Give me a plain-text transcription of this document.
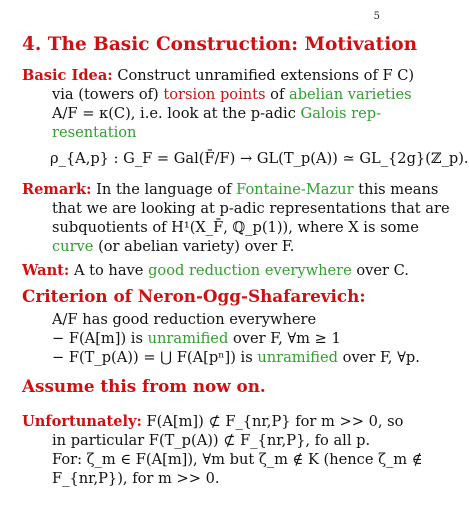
5
4. The Basic Construction: Motivation
Basic Idea: Construct unramified extensions of F C)
via (towers of) torsion points of abelian varieties
A/F = κ(C), i.e. look at the p-adic Galois rep-
resentation
ρ_{A,p} : G_F = Gal(F̄/F) → GL(T_p(A)) ≃ GL_{2g}(ℤ_p).
Remark: In the language of Fontaine-Mazur this means
that we are looking at p-adic representations that are
subquotients of H¹(X_F̄, ℚ_p(1)), where X is some
curve (or abelian variety) over F.
Want: A to have good reduction everywhere over C.
Criterion of Neron-Ogg-Shafarevich:
A/F has good reduction everywhere
− F(A[m]) is unramified over F, ∀m ≥ 1
− F(T_p(A)) = ⋃ F(A[pⁿ]) is unramified over F, ∀p.
Assume this from now on.
Unfortunately: F(A[m]) ⊄ F_{nr,P} for m >> 0, so
in particular F(T_p(A)) ⊄ F_{nr,P}, fo all p.
For: ζ_m ∈ F(A[m]), ∀m but ζ_m ∉ K (hence ζ_m ∉
F_{nr,P}), for m >> 0.
